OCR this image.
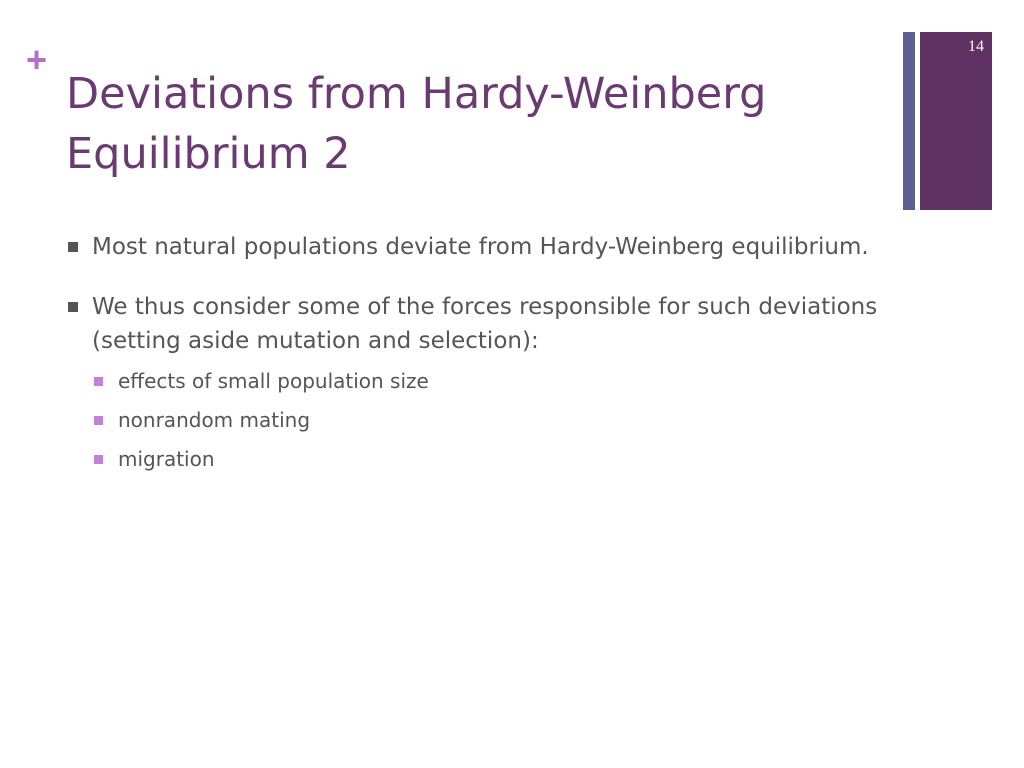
+
Deviations from Hardy-Weinberg Equilibrium 2
14
Most natural populations deviate from Hardy-Weinberg equilibrium.
We thus consider some of the forces responsible for such deviations (setting aside mutation and selection):
effects of small population size
nonrandom mating
migration
